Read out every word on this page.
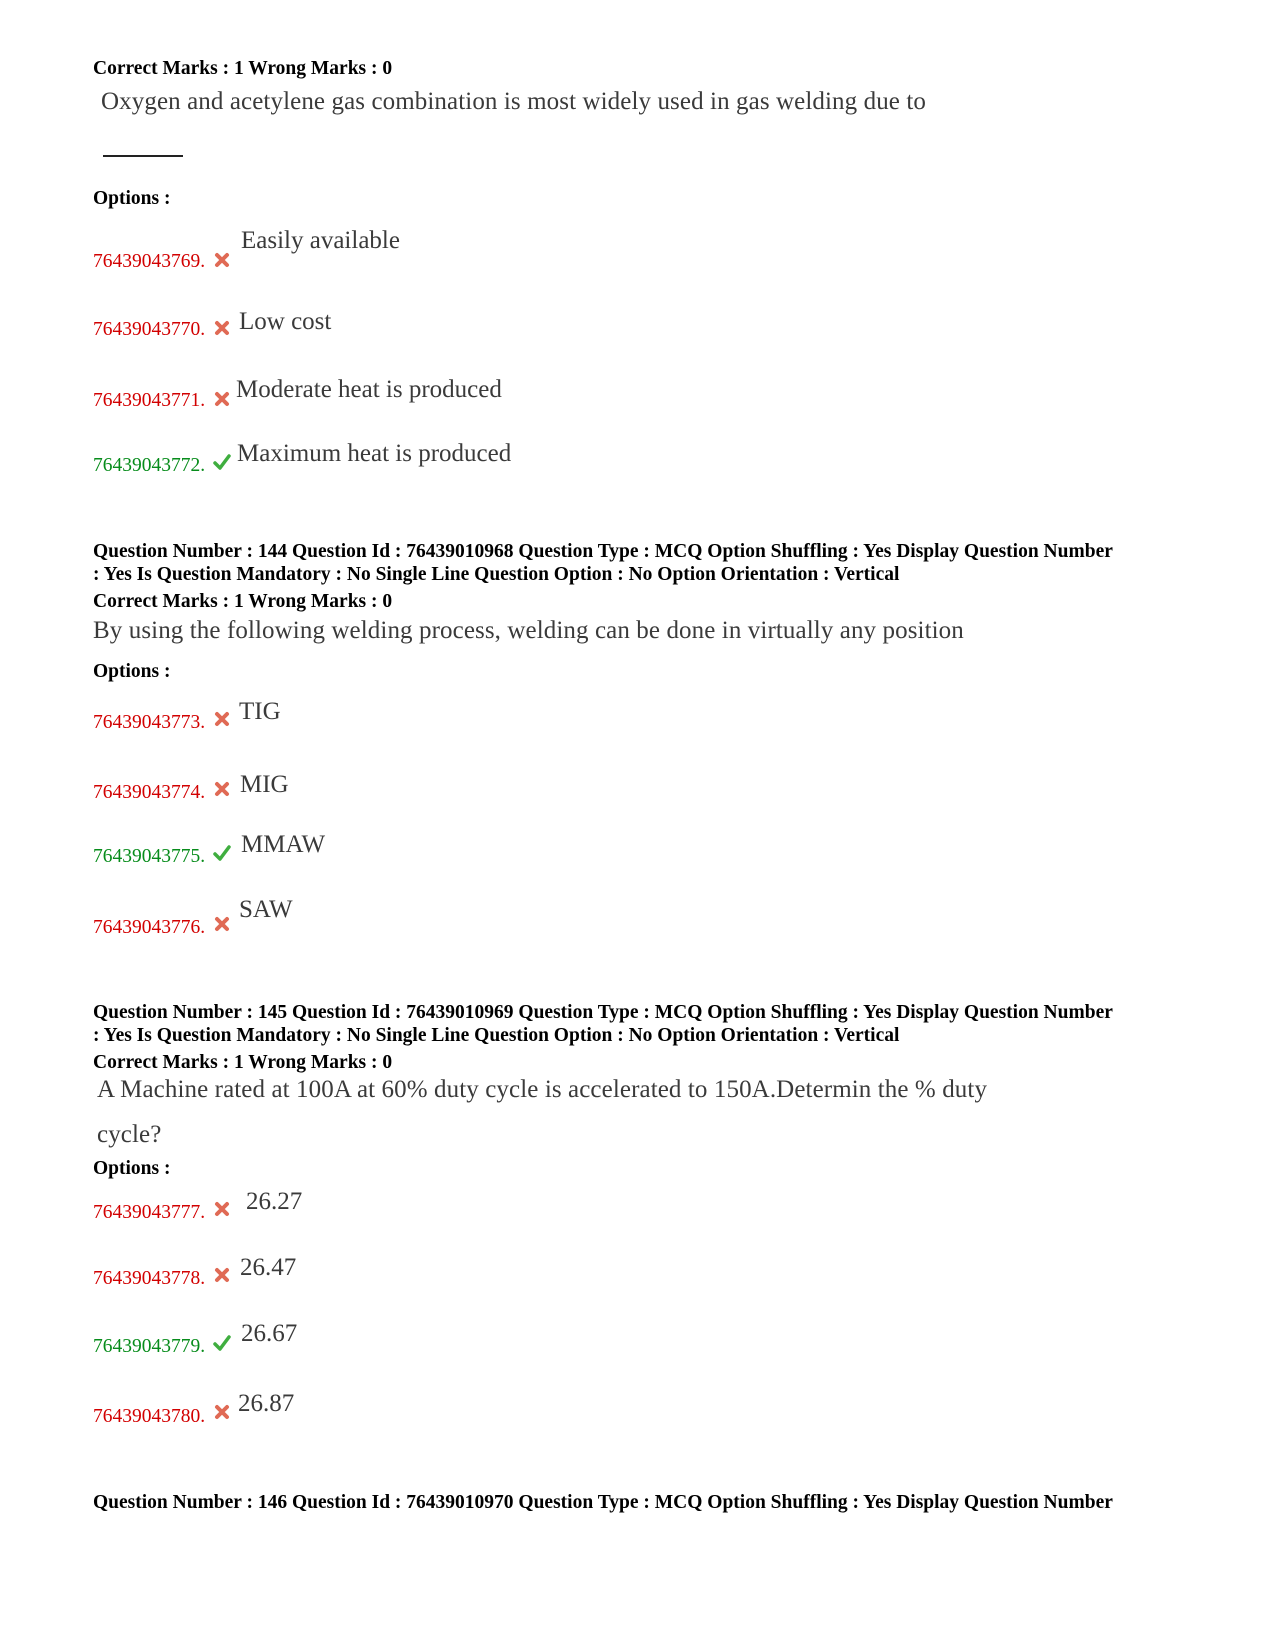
Correct Marks : 1 Wrong Marks : 0
Oxygen and acetylene gas combination is most widely used in gas welding due to
Options :
76439043769.
Easily available
76439043770. Low cost
76439043771. Moderate heat is produced
76439043772. Maximum heat is produced
Question Number : 144 Question Id : 76439010968 Question Type : MCQ Option Shuffling : Yes Display Question Number
: Yes Is Question Mandatory : No Single Line Question Option : No Option Orientation : Vertical
Correct Marks : 1 Wrong Marks : 0
By using the following welding process, welding can be done in virtually any position
Options :
76439043773. TIG
76439043774. MIG
76439043775. MMAW
76439043776.
SAW
Question Number : 145 Question Id : 76439010969 Question Type : MCQ Option Shuffling : Yes Display Question Number
: Yes Is Question Mandatory : No Single Line Question Option : No Option Orientation : Vertical
Correct Marks : 1 Wrong Marks : 0
A Machine rated at 100A at 60% duty cycle is accelerated to 150A.Determin the % duty
cycle?
Options :
76439043777. 26.27
76439043778. 26.47
76439043779. 26.67
76439043780. 26.87
Question Number : 146 Question Id : 76439010970 Question Type : MCQ Option Shuffling : Yes Display Question Number
